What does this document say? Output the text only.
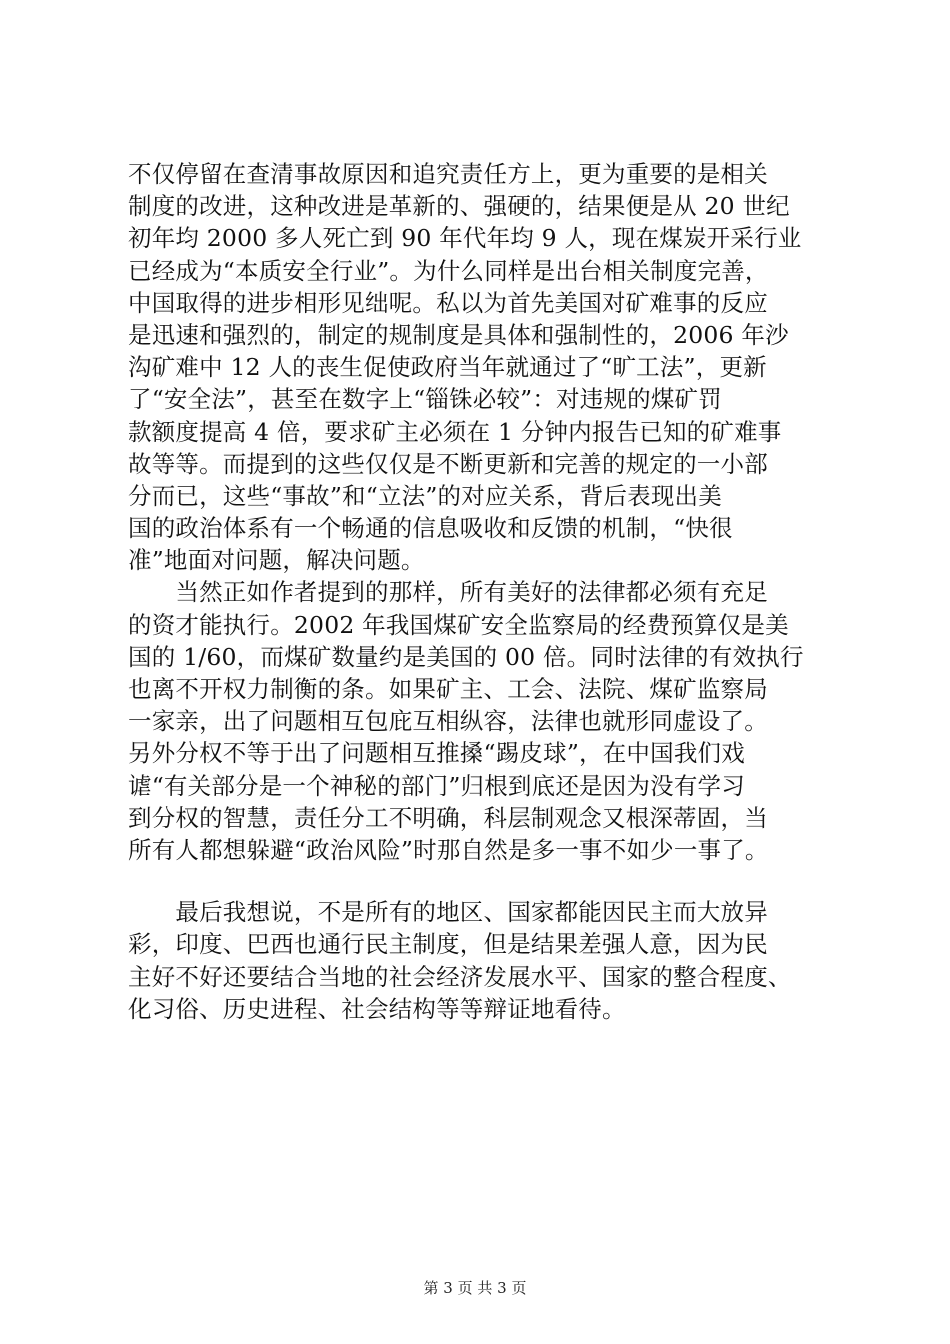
不仅停留在查清事故原因和追究责任方上，更为重要的是相关
制度的改进，这种改进是革新的、强硬的，结果便是从 20 世纪
初年均 2000 多人死亡到 90 年代年均 9 人，现在煤炭开采行业
已经成为“本质安全行业”。为什么同样是出台相关制度完善，
中国取得的进步相形见绌呢。私以为首先美国对矿难事的反应
是迅速和强烈的，制定的规制度是具体和强制性的，2006 年沙
沟矿难中 12 人的丧生促使政府当年就通过了“旷工法”，更新
了“安全法”，甚至在数字上“锱铢必较”：对违规的煤矿罚
款额度提高 4 倍，要求矿主必须在 1 分钟内报告已知的矿难事
故等等。而提到的这些仅仅是不断更新和完善的规定的一小部
分而已，这些“事故”和“立法”的对应关系，背后表现出美
国的政治体系有一个畅通的信息吸收和反馈的机制，“快很
准”地面对问题，解决问题。
　　当然正如作者提到的那样，所有美好的法律都必须有充足
的资才能执行。2002 年我国煤矿安全监察局的经费预算仅是美
国的 1/60，而煤矿数量约是美国的 00 倍。同时法律的有效执行
也离不开权力制衡的条。如果矿主、工会、法院、煤矿监察局
一家亲，出了问题相互包庇互相纵容，法律也就形同虚设了。
另外分权不等于出了问题相互推搡“踢皮球”，在中国我们戏
谑“有关部分是一个神秘的部门”归根到底还是因为没有学习
到分权的智慧，责任分工不明确，科层制观念又根深蒂固，当
所有人都想躲避“政治风险”时那自然是多一事不如少一事了。
　　最后我想说，不是所有的地区、国家都能因民主而大放异
彩，印度、巴西也通行民主制度，但是结果差强人意，因为民
主好不好还要结合当地的社会经济发展水平、国家的整合程度、
化习俗、历史进程、社会结构等等辩证地看待。
第 3 页 共 3 页
